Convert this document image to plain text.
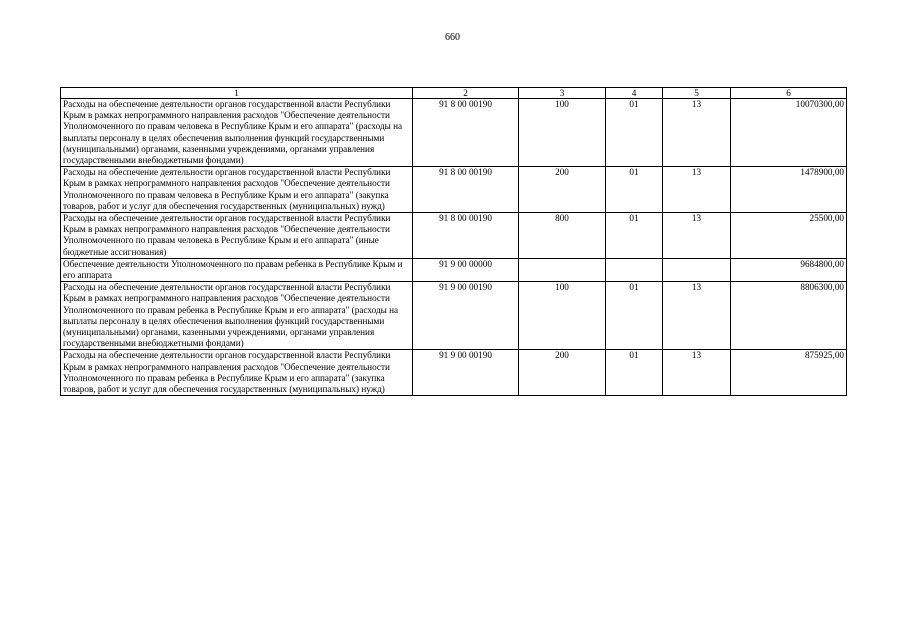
660
1	2	3	4	5	6
Расходы на обеспечение деятельности органов государственной власти Республики Крым в рамках непрограммного направления расходов "Обеспечение деятельности Уполномоченного по правам человека в Республике Крым и его аппарата" (расходы на выплаты персоналу в целях обеспечения выполнения функций государственными (муниципальными) органами, казенными учреждениями, органами управления государственными внебюджетными фондами)	91 8 00 00190	100	01	13	10070300,00
Расходы на обеспечение деятельности органов государственной власти Республики Крым в рамках непрограммного направления расходов "Обеспечение деятельности Уполномоченного по правам человека в Республике Крым и его аппарата" (закупка товаров, работ и услуг для обеспечения государственных (муниципальных) нужд)	91 8 00 00190	200	01	13	1478900,00
Расходы на обеспечение деятельности органов государственной власти Республики Крым в рамках непрограммного направления расходов "Обеспечение деятельности Уполномоченного по правам человека в Республике Крым и его аппарата" (иные бюджетные ассигнования)	91 8 00 00190	800	01	13	25500,00
Обеспечение деятельности Уполномоченного по правам ребенка в Республике Крым и его аппарата	91 9 00 00000				9684800,00
Расходы на обеспечение деятельности органов государственной власти Республики Крым в рамках непрограммного направления расходов "Обеспечение деятельности Уполномоченного по правам ребенка в Республике Крым и его аппарата" (расходы на выплаты персоналу в целях обеспечения выполнения функций государственными (муниципальными) органами, казенными учреждениями, органами управления государственными внебюджетными фондами)	91 9 00 00190	100	01	13	8806300,00
Расходы на обеспечение деятельности органов государственной власти Республики Крым в рамках непрограммного направления расходов "Обеспечение деятельности Уполномоченного по правам ребенка в Республике Крым и его аппарата" (закупка товаров, работ и услуг для обеспечения государственных (муниципальных) нужд)	91 9 00 00190	200	01	13	875925,00
